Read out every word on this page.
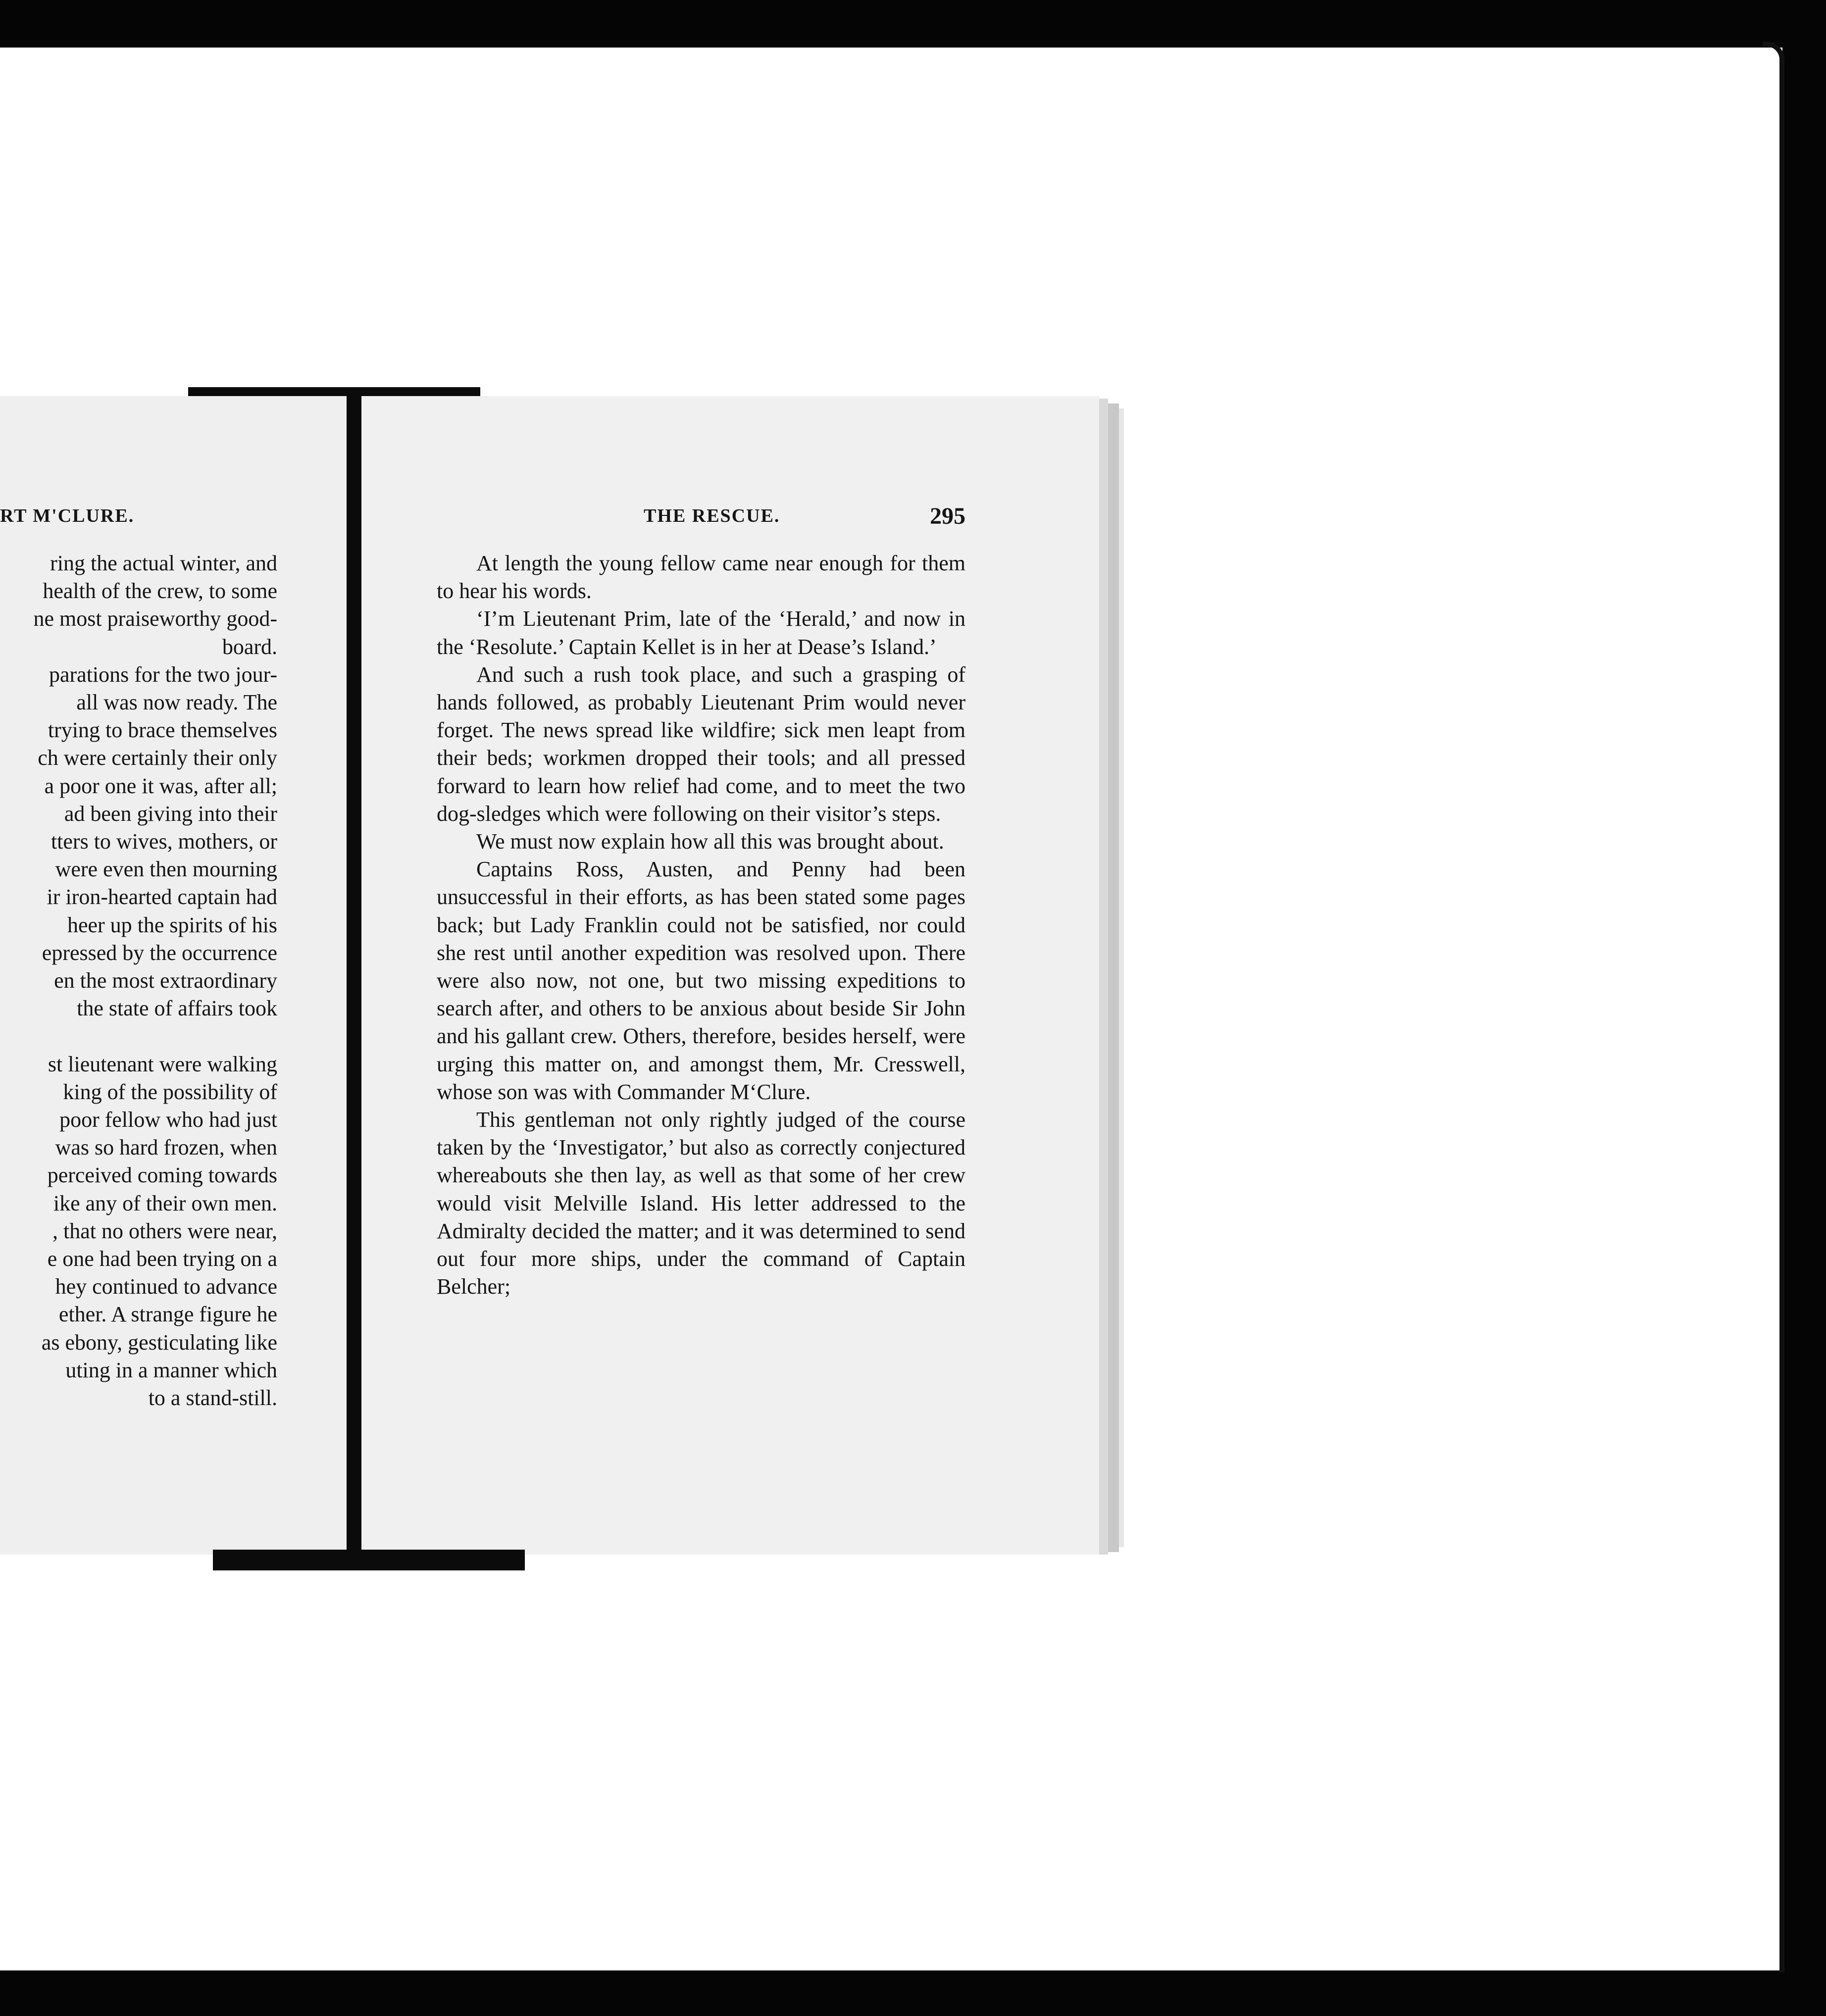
RT M'CLURE.
ring the actual winter, and
health of the crew, to some
ne most praiseworthy good-
board.
parations for the two jour-
all was now ready. The
trying to brace themselves
ch were certainly their only
a poor one it was, after all;
ad been giving into their
tters to wives, mothers, or
were even then mourning
ir iron-hearted captain had
heer up the spirits of his
epressed by the occurrence
en the most extraordinary
the state of affairs took

st lieutenant were walking
king of the possibility of
poor fellow who had just
was so hard frozen, when
perceived coming towards
ike any of their own men.
, that no others were near,
e one had been trying on a
hey continued to advance
ether. A strange figure he
as ebony, gesticulating like
uting in a manner which
to a stand-still.
THE RESCUE.	295

At length the young fellow came near enough for them to hear his words.

‘I’m Lieutenant Prim, late of the ‘Herald,’ and now in the ‘Resolute.’ Captain Kellet is in her at Dease’s Island.’

And such a rush took place, and such a grasping of hands followed, as probably Lieutenant Prim would never forget. The news spread like wildfire; sick men leapt from their beds; workmen dropped their tools; and all pressed forward to learn how relief had come, and to meet the two dog-sledges which were following on their visitor’s steps.

We must now explain how all this was brought about.

Captains Ross, Austen, and Penny had been unsuccessful in their efforts, as has been stated some pages back; but Lady Franklin could not be satisfied, nor could she rest until another expedition was resolved upon. There were also now, not one, but two missing expeditions to search after, and others to be anxious about beside Sir John and his gallant crew. Others, therefore, besides herself, were urging this matter on, and amongst them, Mr. Cresswell, whose son was with Commander M‘Clure.

This gentleman not only rightly judged of the course taken by the ‘Investigator,’ but also as correctly conjectured whereabouts she then lay, as well as that some of her crew would visit Melville Island. His letter addressed to the Admiralty decided the matter; and it was determined to send out four more ships, under the command of Captain Belcher;
